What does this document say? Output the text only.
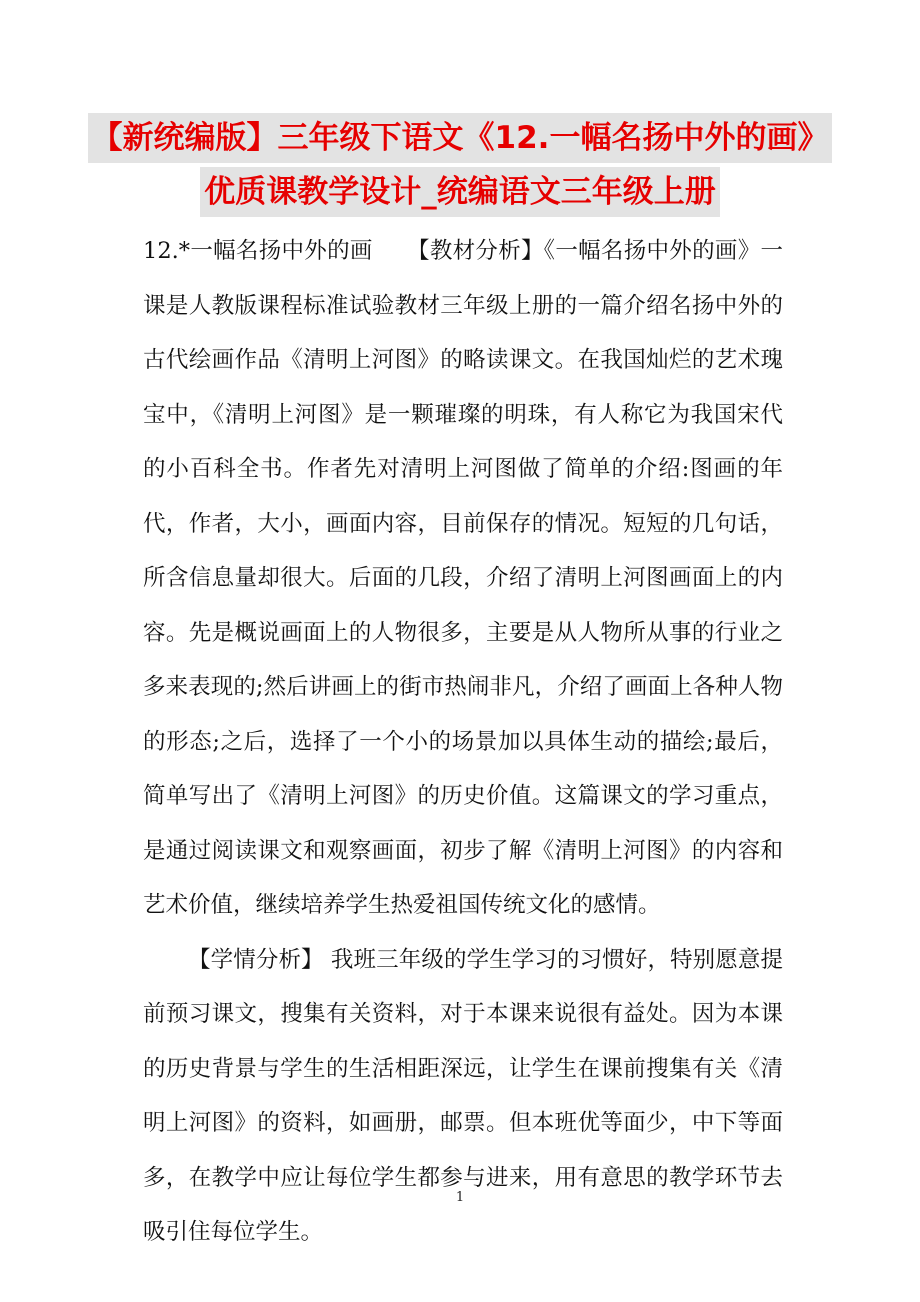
【新统编版】三年级下语文《12.一幅名扬中外的画》
优质课教学设计_统编语文三年级上册

12.*一幅名扬中外的画　　【教材分析】《一幅名扬中外的画》一课是人教版课程标准试验教材三年级上册的一篇介绍名扬中外的古代绘画作品《清明上河图》的略读课文。在我国灿烂的艺术瑰宝中，《清明上河图》是一颗璀璨的明珠，有人称它为我国宋代的小百科全书。作者先对清明上河图做了简单的介绍:图画的年代，作者，大小，画面内容，目前保存的情况。短短的几句话，所含信息量却很大。后面的几段，介绍了清明上河图画面上的内容。先是概说画面上的人物很多，主要是从人物所从事的行业之多来表现的;然后讲画上的街市热闹非凡，介绍了画面上各种人物的形态;之后，选择了一个小的场景加以具体生动的描绘;最后，简单写出了《清明上河图》的历史价值。这篇课文的学习重点，是通过阅读课文和观察画面，初步了解《清明上河图》的内容和艺术价值，继续培养学生热爱祖国传统文化的感情。

【学情分析】 我班三年级的学生学习的习惯好，特别愿意提前预习课文，搜集有关资料，对于本课来说很有益处。因为本课的历史背景与学生的生活相距深远，让学生在课前搜集有关《清明上河图》的资料，如画册，邮票。但本班优等面少，中下等面多，在教学中应让每位学生都参与进来，用有意思的教学环节去吸引住每位学生。

1
